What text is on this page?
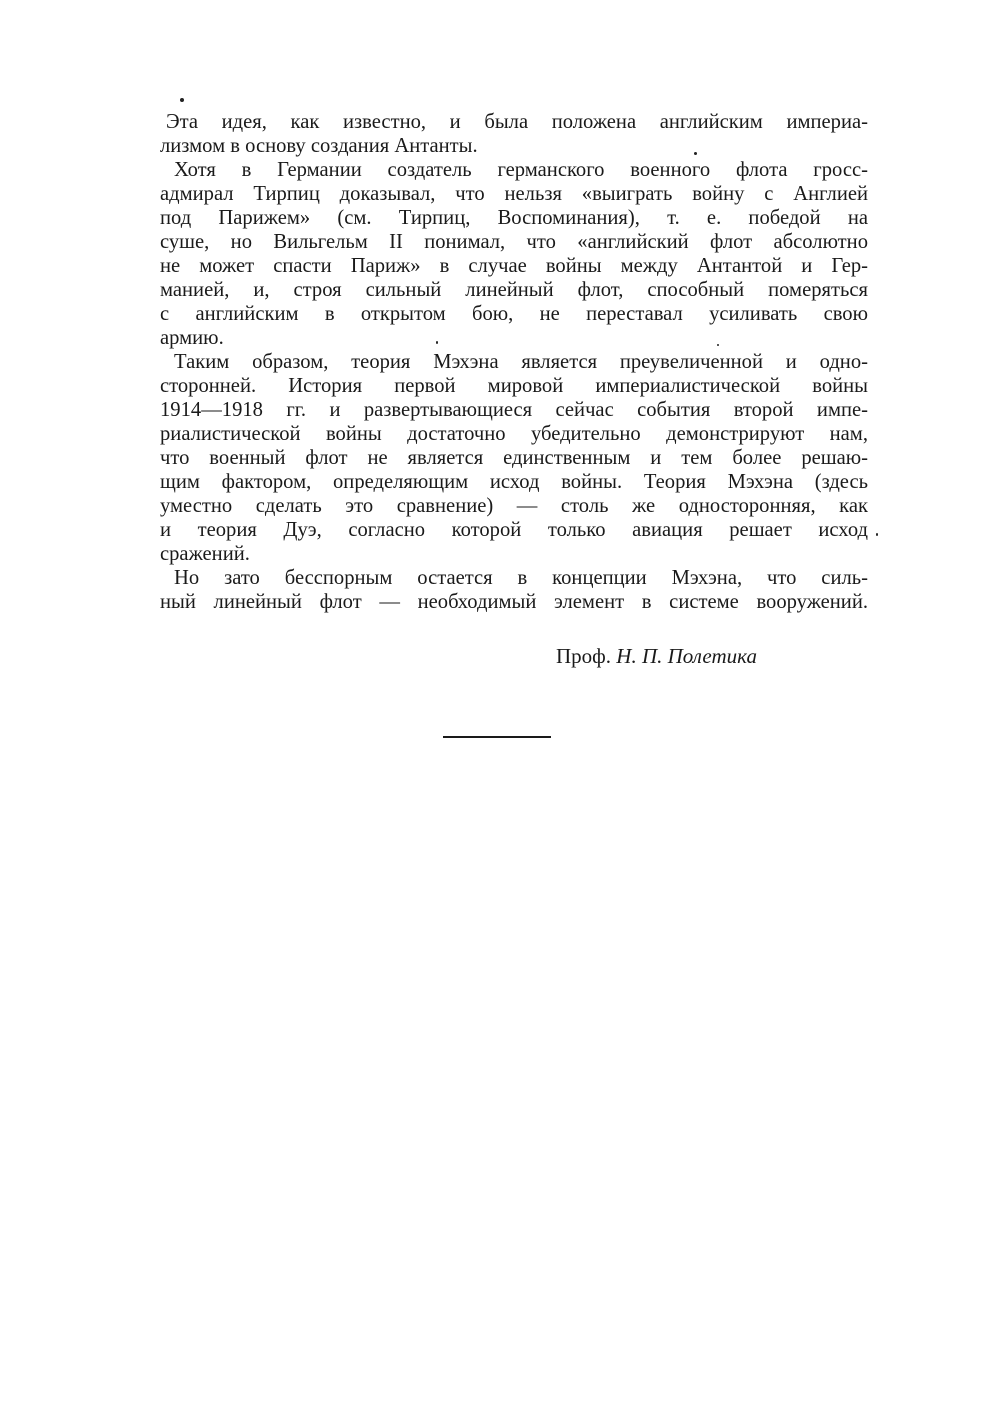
Эта идея, как известно, и была положена английским империа-
лизмом в основу создания Антанты.
Хотя в Германии создатель германского военного флота гросс-
адмирал Тирпиц доказывал, что нельзя «выиграть войну с Англией
под Парижем» (см. Тирпиц, Воспоминания), т. е. победой на
суше, но Вильгельм II понимал, что «английский флот абсолютно
не может спасти Париж» в случае войны между Антантой и Гер-
манией, и, строя сильный линейный флот, способный померяться
с английским в открытом бою, не переставал усиливать свою
армию.
Таким образом, теория Мэхэна является преувеличенной и одно-
сторонней. История первой мировой империалистической войны
1914—1918 гг. и развертывающиеся сейчас события второй импе-
риалистической войны достаточно убедительно демонстрируют нам,
что военный флот не является единственным и тем более решаю-
щим фактором, определяющим исход войны. Теория Мэхэна (здесь
уместно сделать это сравнение) — столь же односторонняя, как
и теория Дуэ, согласно которой только авиация решает исход
сражений.
Но зато бесспорным остается в концепции Мэхэна, что силь-
ный линейный флот — необходимый элемент в системе вооружений.
Проф. Н. П. Полетика
